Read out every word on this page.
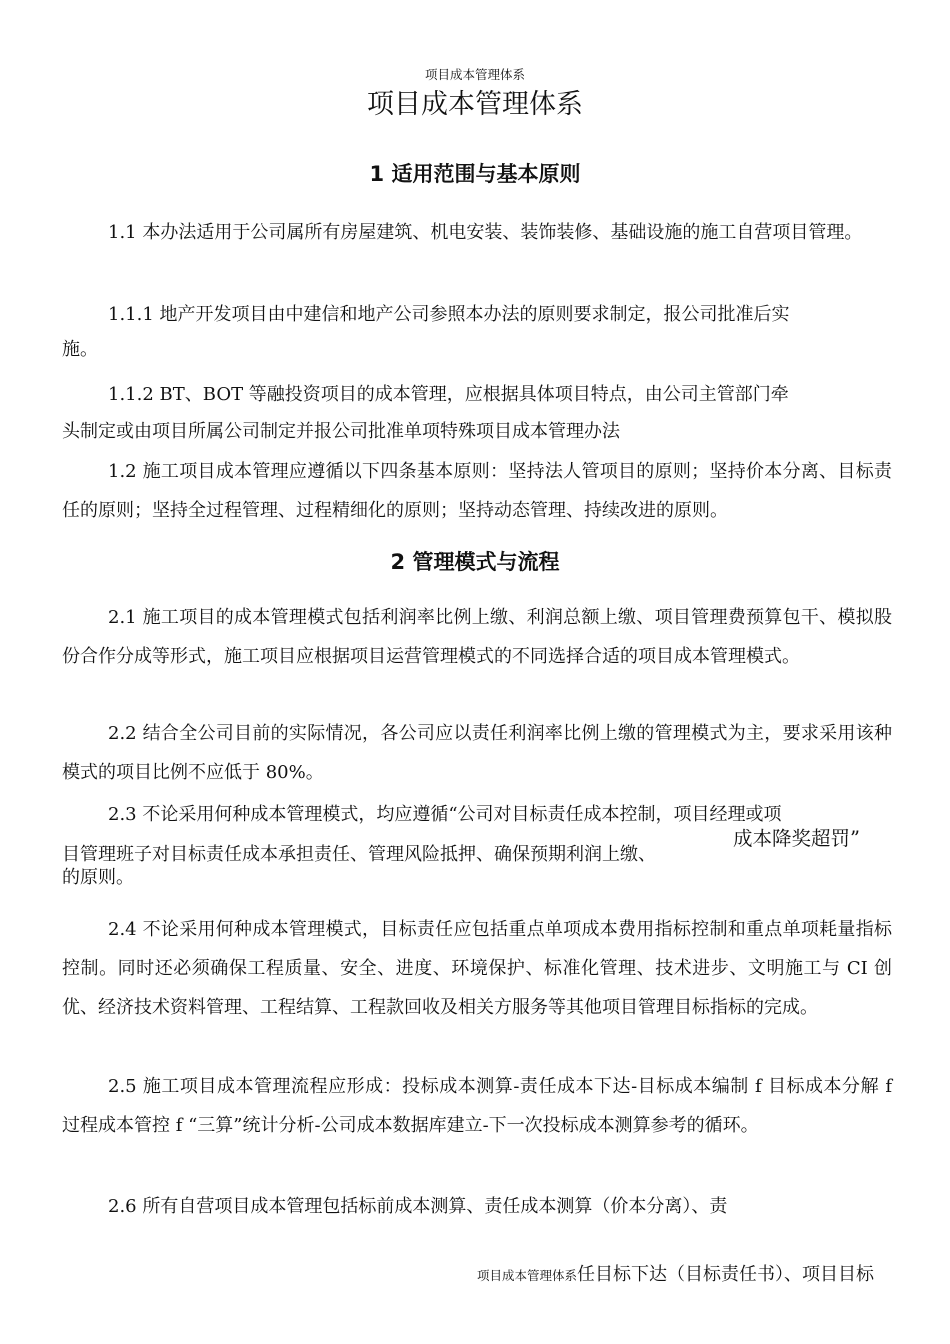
项目成本管理体系
项目成本管理体系
1 适用范围与基本原则
1.1 本办法适用于公司属所有房屋建筑、机电安装、装饰装修、基础设施的施工自营项目管理。
1.1.1 地产开发项目由中建信和地产公司参照本办法的原则要求制定，报公司批准后实
施。
1.1.2 BT、BOT 等融投资项目的成本管理，应根据具体项目特点，由公司主管部门牵
头制定或由项目所属公司制定并报公司批准单项特殊项目成本管理办法
1.2 施工项目成本管理应遵循以下四条基本原则：坚持法人管项目的原则；坚持价本分离、目标责任的原则；坚持全过程管理、过程精细化的原则；坚持动态管理、持续改进的原则。
2 管理模式与流程
2.1 施工项目的成本管理模式包括利润率比例上缴、利润总额上缴、项目管理费预算包干、模拟股份合作分成等形式，施工项目应根据项目运营管理模式的不同选择合适的项目成本管理模式。
2.2 结合全公司目前的实际情况，各公司应以责任利润率比例上缴的管理模式为主，要求采用该种模式的项目比例不应低于 80%。
2.3 不论采用何种成本管理模式，均应遵循“公司对目标责任成本控制，项目经理或项
目管理班子对目标责任成本承担责任、管理风险抵押、确保预期利润上缴、
成本降奖超罚”
的原则。
2.4 不论采用何种成本管理模式，目标责任应包括重点单项成本费用指标控制和重点单项耗量指标控制。同时还必须确保工程质量、安全、进度、环境保护、标准化管理、技术进步、文明施工与 CI 创优、经济技术资料管理、工程结算、工程款回收及相关方服务等其他项目管理目标指标的完成。
2.5 施工项目成本管理流程应形成：投标成本测算-责任成本下达-目标成本编制 f 目标成本分解 f 过程成本管控 f “三算”统计分析-公司成本数据库建立-下一次投标成本测算参考的循环。
2.6 所有自营项目成本管理包括标前成本测算、责任成本测算（价本分离）、责
项目成本管理体系任目标下达（目标责任书）、项目目标
